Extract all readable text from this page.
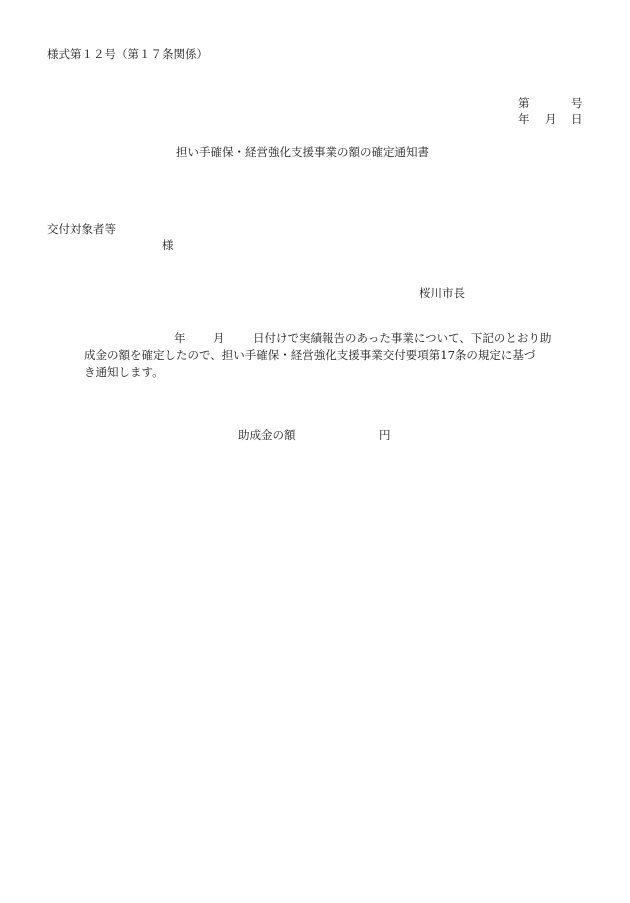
様式第１２号（第１７条関係）
第	号
年 月 日
担い手確保・経営強化支援事業の額の確定通知書
交付対象者等
様
桜川市長
年 月 日付けで実績報告のあった事業について、下記のとおり助
成金の額を確定したので、担い手確保・経営強化支援事業交付要項第17条の規定に基づ
き通知します。
助成金の額	円
